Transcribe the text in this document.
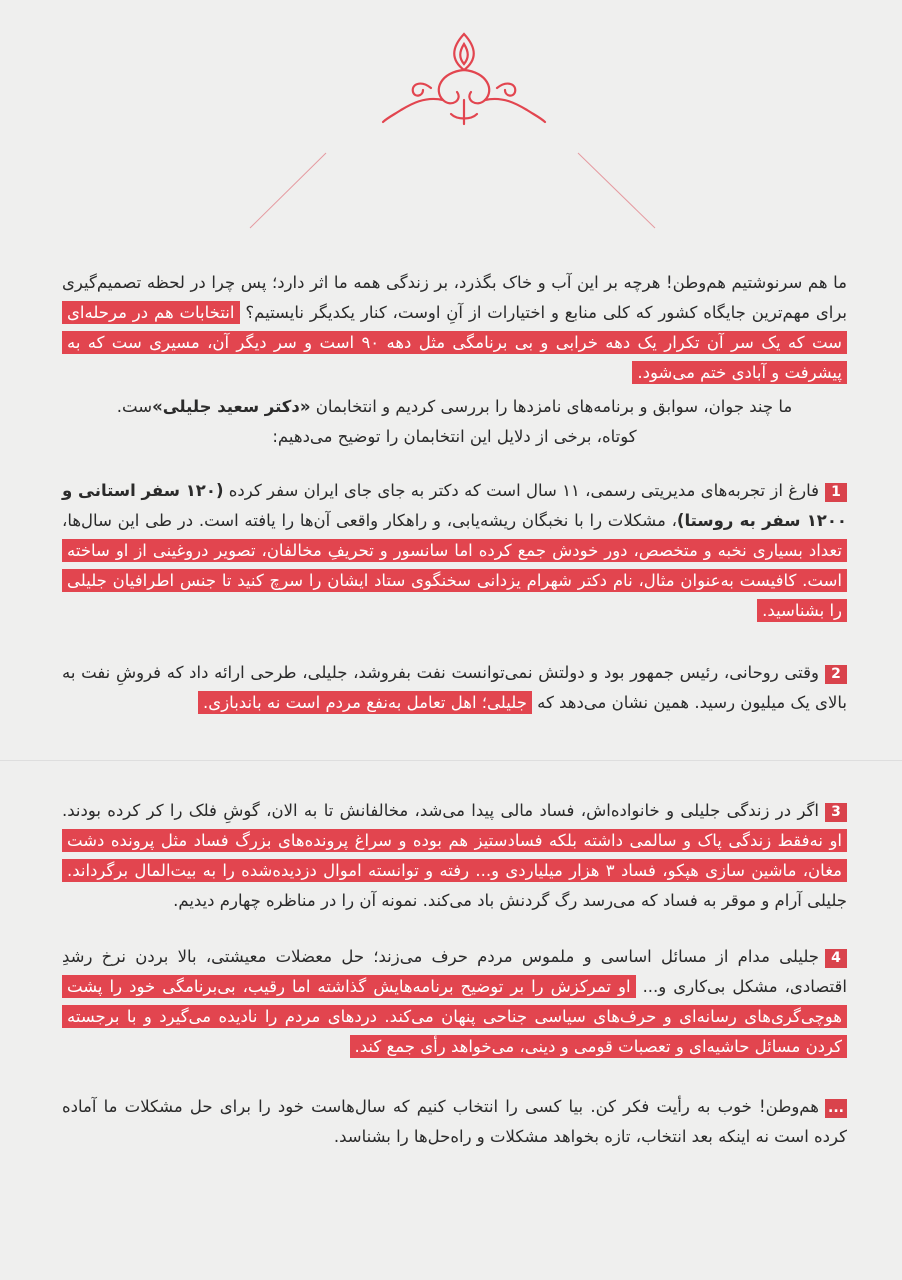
ما هم سرنوشتیم هم‌وطن! هرچه بر این آب و خاک بگذرد، بر زندگی همه ما اثر دارد؛ پس چرا در لحظه تصمیم‌گیری برای مهم‌ترین جایگاه کشور که کلی منابع و اختیارات از آنِ اوست، کنار یکدیگر نایستیم؟ انتخابات هم در مرحله‌ای ست که یک سر آن تکرار یک دهه خرابی و بی برنامگی مثل دهه ۹۰ است و سر دیگر آن، مسیری ست که به پیشرفت و آبادی ختم می‌شود.

ما چند جوان، سوابق و برنامه‌های نامزدها را بررسی کردیم و انتخابمان «دکتر سعید جلیلی»ست.
کوتاه، برخی از دلایل این انتخابمان را توضیح می‌دهیم:

1فارغ از تجربه‌های مدیریتی رسمی، ۱۱ سال است که دکتر به جای جای ایران سفر کرده (۱۲۰ سفر استانی و ۱۲۰۰ سفر به روستا)، مشکلات را با نخبگان ریشه‌یابی، و راهکار واقعی آن‌ها را یافته است. در طی این سال‌ها، تعداد بسیاری نخبه و متخصص، دور خودش جمع کرده اما سانسور و تحریفِ مخالفان، تصویر دروغینی از او ساخته است. کافیست به‌عنوان مثال، نام دکتر شهرام یزدانی سخنگوی ستاد ایشان را سرچ کنید تا جنس اطرافیان جلیلی را بشناسید.

2وقتی روحانی، رئیس جمهور بود و دولتش نمی‌توانست نفت بفروشد، جلیلی، طرحی ارائه داد که فروشِ نفت به بالای یک میلیون رسید. همین نشان می‌دهد که جلیلی؛ اهل تعامل به‌نفع مردم است نه باندبازی.

3اگر در زندگی جلیلی و خانواده‌اش، فساد مالی پیدا می‌شد، مخالفانش تا به الان، گوشِ فلک را کر کرده بودند. او نه‌فقط زندگی پاک و سالمی داشته بلکه فسادستیز هم بوده و سراغ پرونده‌های بزرگ فساد مثل پرونده دشت مغان، ماشین سازی هپکو، فساد ۳ هزار میلیاردی و... رفته و توانسته اموال دزدیده‌شده را به بیت‌المال برگرداند. جلیلی آرام و موقر به فساد که می‌رسد رگ گردنش باد می‌کند. نمونه آن را در مناظره چهارم دیدیم.

4جلیلی مدام از مسائل اساسی و ملموس مردم حرف می‌زند؛ حل معضلات معیشتی، بالا بردن نرخ رشدِ اقتصادی، مشکل بی‌کاری و... او تمرکزش را بر توضیح برنامه‌هایش گذاشته اما رقیب، بی‌برنامگی خود را پشت هوچی‌گری‌های رسانه‌ای و حرف‌های سیاسی جناحی پنهان می‌کند. دردهای مردم را نادیده می‌گیرد و با برجسته کردن مسائل حاشیه‌ای و تعصبات قومی و دینی، می‌خواهد رأی جمع کند.

...هم‌وطن! خوب به رأیت فکر کن. بیا کسی را انتخاب کنیم که سال‌هاست خود را برای حل مشکلات ما آماده کرده است نه اینکه بعد انتخاب، تازه بخواهد مشکلات و راه‌حل‌ها را بشناسد.
